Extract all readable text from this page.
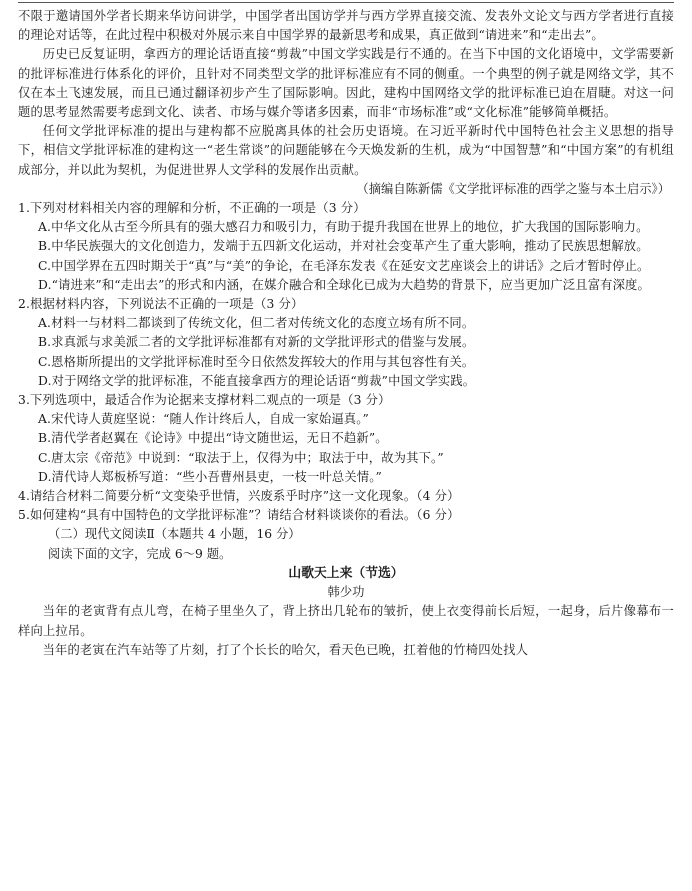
不限于邀请国外学者长期来华访问讲学，中国学者出国访学并与西方学界直接交流、发表外文论文与西方学者进行直接的理论对话等，在此过程中积极对外展示来自中国学界的最新思考和成果，真正做到“请进来”和“走出去”。

历史已反复证明，拿西方的理论话语直接“剪裁”中国文学实践是行不通的。在当下中国的文化语境中，文学需要新的批评标准进行体系化的评价，且针对不同类型文学的批评标准应有不同的侧重。一个典型的例子就是网络文学，其不仅在本土飞速发展，而且已通过翻译初步产生了国际影响。因此，建构中国网络文学的批评标准已迫在眉睫。对这一问题的思考显然需要考虑到文化、读者、市场与媒介等诸多因素，而非“市场标准”或“文化标准”能够简单概括。

任何文学批评标准的提出与建构都不应脱离具体的社会历史语境。在习近平新时代中国特色社会主义思想的指导下，相信文学批评标准的建构这一“老生常谈”的问题能够在今天焕发新的生机，成为“中国智慧”和“中国方案”的有机组成部分，并以此为契机，为促进世界人文学科的发展作出贡献。

（摘编自陈新儒《文学批评标准的西学之鉴与本土启示》）

1.下列对材料相关内容的理解和分析，不正确的一项是（3 分）

A.中华文化从古至今所具有的强大感召力和吸引力，有助于提升我国在世界上的地位，扩大我国的国际影响力。
B.中华民族强大的文化创造力，发端于五四新文化运动，并对社会变革产生了重大影响，推动了民族思想解放。
C.中国学界在五四时期关于“真”与“美”的争论，在毛泽东发表《在延安文艺座谈会上的讲话》之后才暂时停止。
D.“请进来”和“走出去”的形式和内涵，在媒介融合和全球化已成为大趋势的背景下，应当更加广泛且富有深度。

2.根据材料内容，下列说法不正确的一项是（3 分）

A.材料一与材料二都谈到了传统文化，但二者对传统文化的态度立场有所不同。
B.求真派与求美派二者的文学批评标准都有对新的文学批评形式的借鉴与发展。
C.恩格斯所提出的文学批评标准时至今日依然发挥较大的作用与其包容性有关。
D.对于网络文学的批评标准，不能直接拿西方的理论话语“剪裁”中国文学实践。

3.下列选项中，最适合作为论据来支撑材料二观点的一项是（3 分）

A.宋代诗人黄庭坚说：“随人作计终后人，自成一家始逼真。”
B.清代学者赵翼在《论诗》中提出“诗文随世运，无日不趋新”。
C.唐太宗《帝范》中说到：“取法于上，仅得为中；取法于中，故为其下。”
D.清代诗人郑板桥写道：“些小吾曹州县吏，一枝一叶总关情。”

4.请结合材料二简要分析“文变染乎世情，兴废系乎时序”这一文化现象。（4 分）

5.如何建构“具有中国特色的文学批评标准”？请结合材料谈谈你的看法。（6 分）

（二）现代文阅读Ⅱ（本题共 4 小题，16 分）

阅读下面的文字，完成 6～9 题。

山歌天上来（节选）

韩少功

当年的老寅背有点儿弯，在椅子里坐久了，背上挤出几轮布的皱折，使上衣变得前长后短，一起身，后片像幕布一样向上拉吊。

当年的老寅在汽车站等了片刻，打了个长长的哈欠，看天色已晚，扛着他的竹椅四处找人
